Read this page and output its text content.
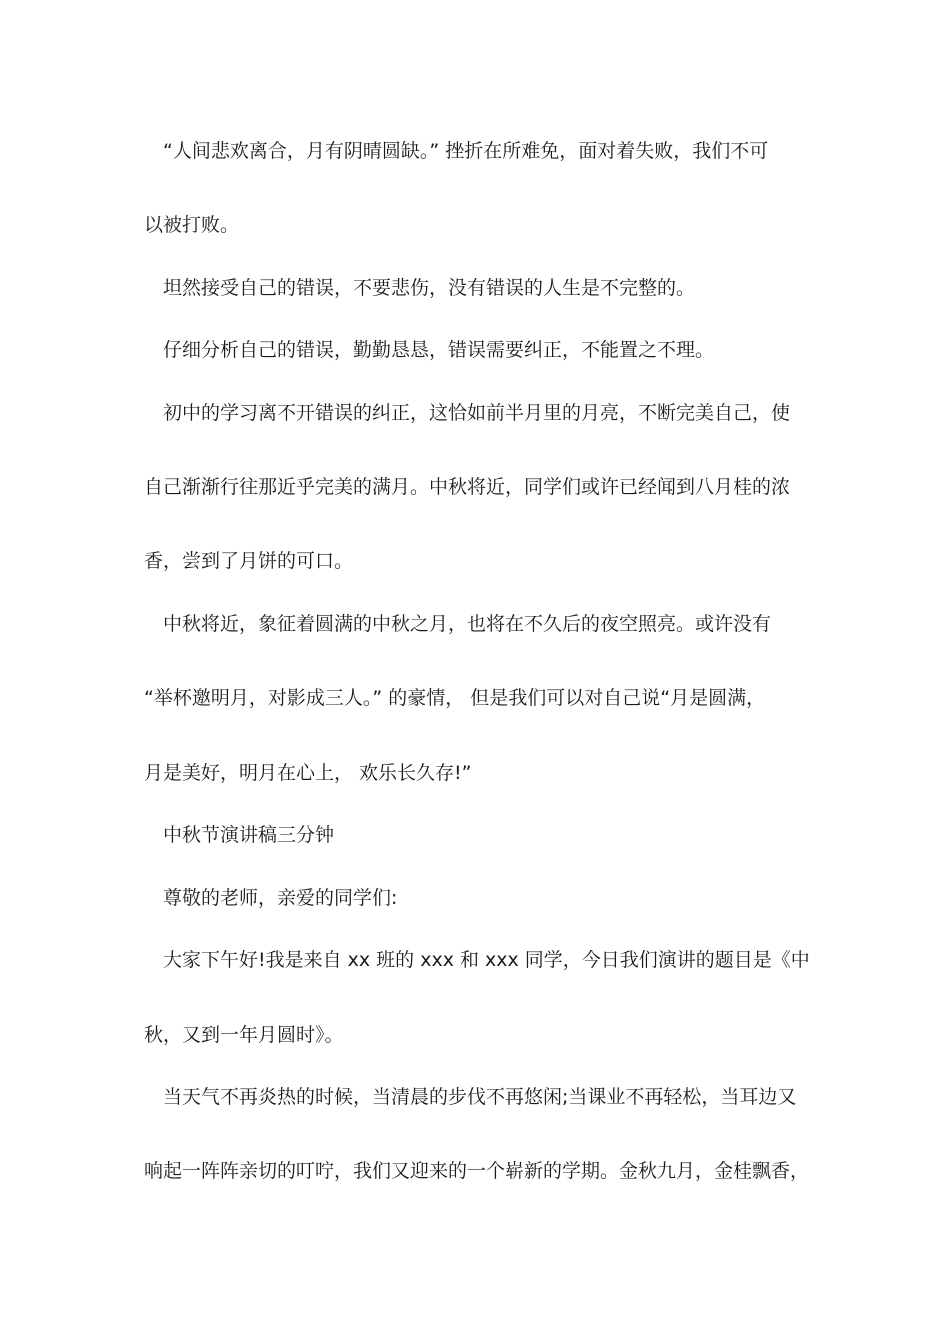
“人间悲欢离合，月有阴晴圆缺。” 挫折在所难免，面对着失败，我们不可
以被打败。
坦然接受自己的错误，不要悲伤，没有错误的人生是不完整的。
仔细分析自己的错误，勤勤恳恳，错误需要纠正，不能置之不理。
初中的学习离不开错误的纠正，这恰如前半月里的月亮，不断完美自己，使
自己渐渐行往那近乎完美的满月。中秋将近，同学们或许已经闻到八月桂的浓
香，尝到了月饼的可口。
中秋将近，象征着圆满的中秋之月，也将在不久后的夜空照亮。或许没有
“举杯邀明月，对影成三人。” 的豪情， 但是我们可以对自己说“月是圆满，
月是美好，明月在心上， 欢乐长久存!”
中秋节演讲稿三分钟
尊敬的老师，亲爱的同学们:
大家下午好!我是来自 xx 班的 xxx 和 xxx 同学，今日我们演讲的题目是《中
秋，又到一年月圆时》。
当天气不再炎热的时候，当清晨的步伐不再悠闲;当课业不再轻松，当耳边又
响起一阵阵亲切的叮咛，我们又迎来的一个崭新的学期。金秋九月，金桂飘香，
